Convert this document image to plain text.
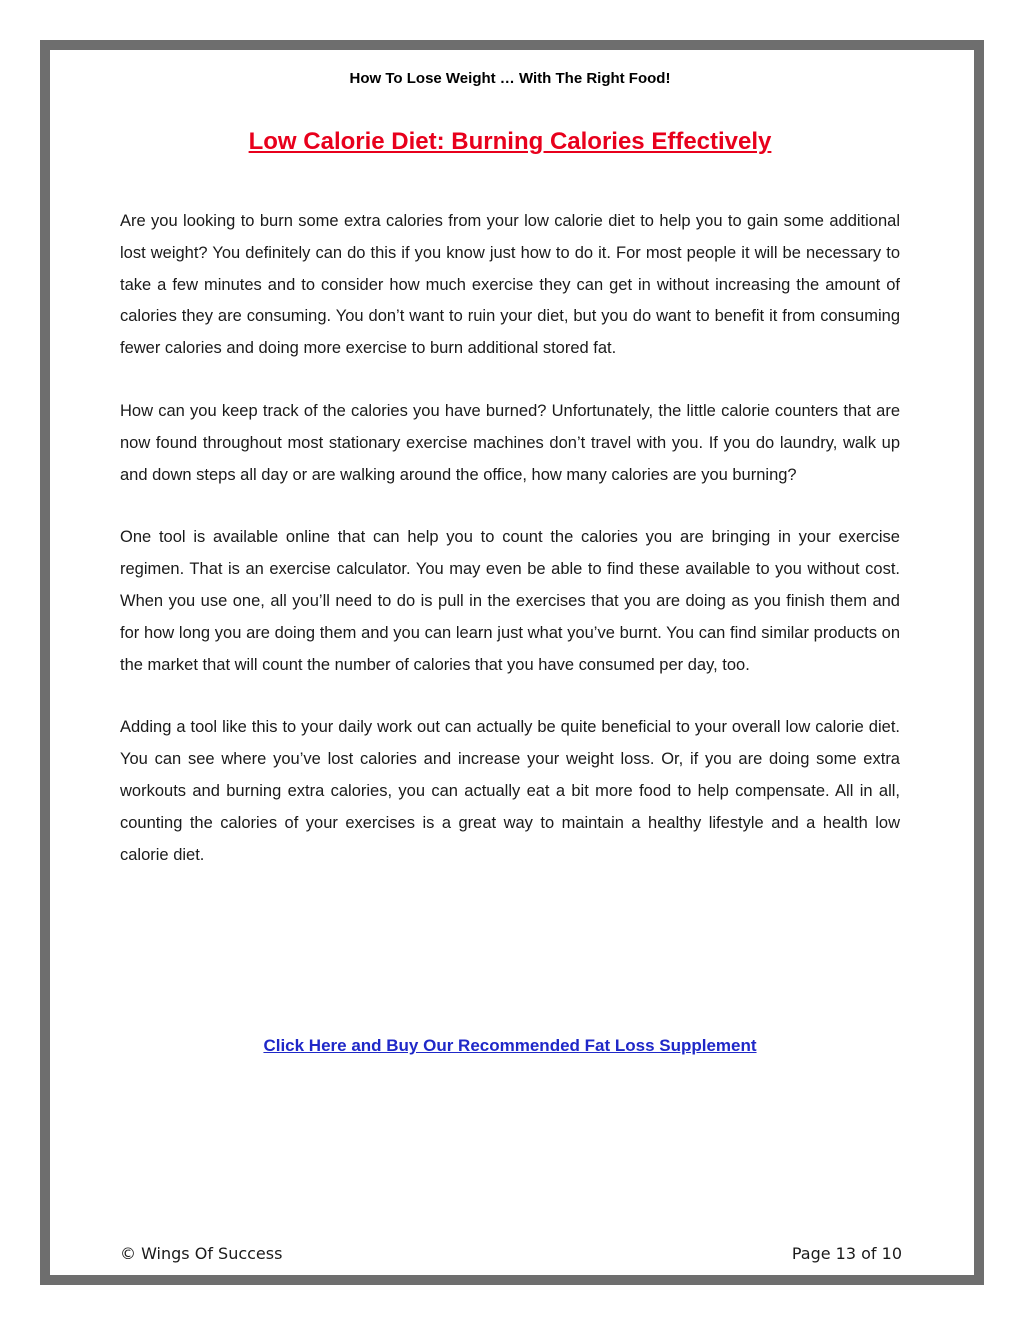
How To Lose Weight … With The Right Food!
Low Calorie Diet: Burning Calories Effectively

Are you looking to burn some extra calories from your low calorie diet to help you to gain some additional lost weight? You definitely can do this if you know just how to do it. For most people it will be necessary to take a few minutes and to consider how much exercise they can get in without increasing the amount of calories they are consuming. You don’t want to ruin your diet, but you do want to benefit it from consuming fewer calories and doing more exercise to burn additional stored fat.

How can you keep track of the calories you have burned? Unfortunately, the little calorie counters that are now found throughout most stationary exercise machines don’t travel with you. If you do laundry, walk up and down steps all day or are walking around the office, how many calories are you burning?

One tool is available online that can help you to count the calories you are bringing in your exercise regimen. That is an exercise calculator. You may even be able to find these available to you without cost. When you use one, all you’ll need to do is pull in the exercises that you are doing as you finish them and for how long you are doing them and you can learn just what you’ve burnt. You can find similar products on the market that will count the number of calories that you have consumed per day, too.

Adding a tool like this to your daily work out can actually be quite beneficial to your overall low calorie diet. You can see where you’ve lost calories and increase your weight loss. Or, if you are doing some extra workouts and burning extra calories, you can actually eat a bit more food to help compensate. All in all, counting the calories of your exercises is a great way to maintain a healthy lifestyle and a health low calorie diet.

Click Here and Buy Our Recommended Fat Loss Supplement
© Wings Of Success	Page 13 of 10
